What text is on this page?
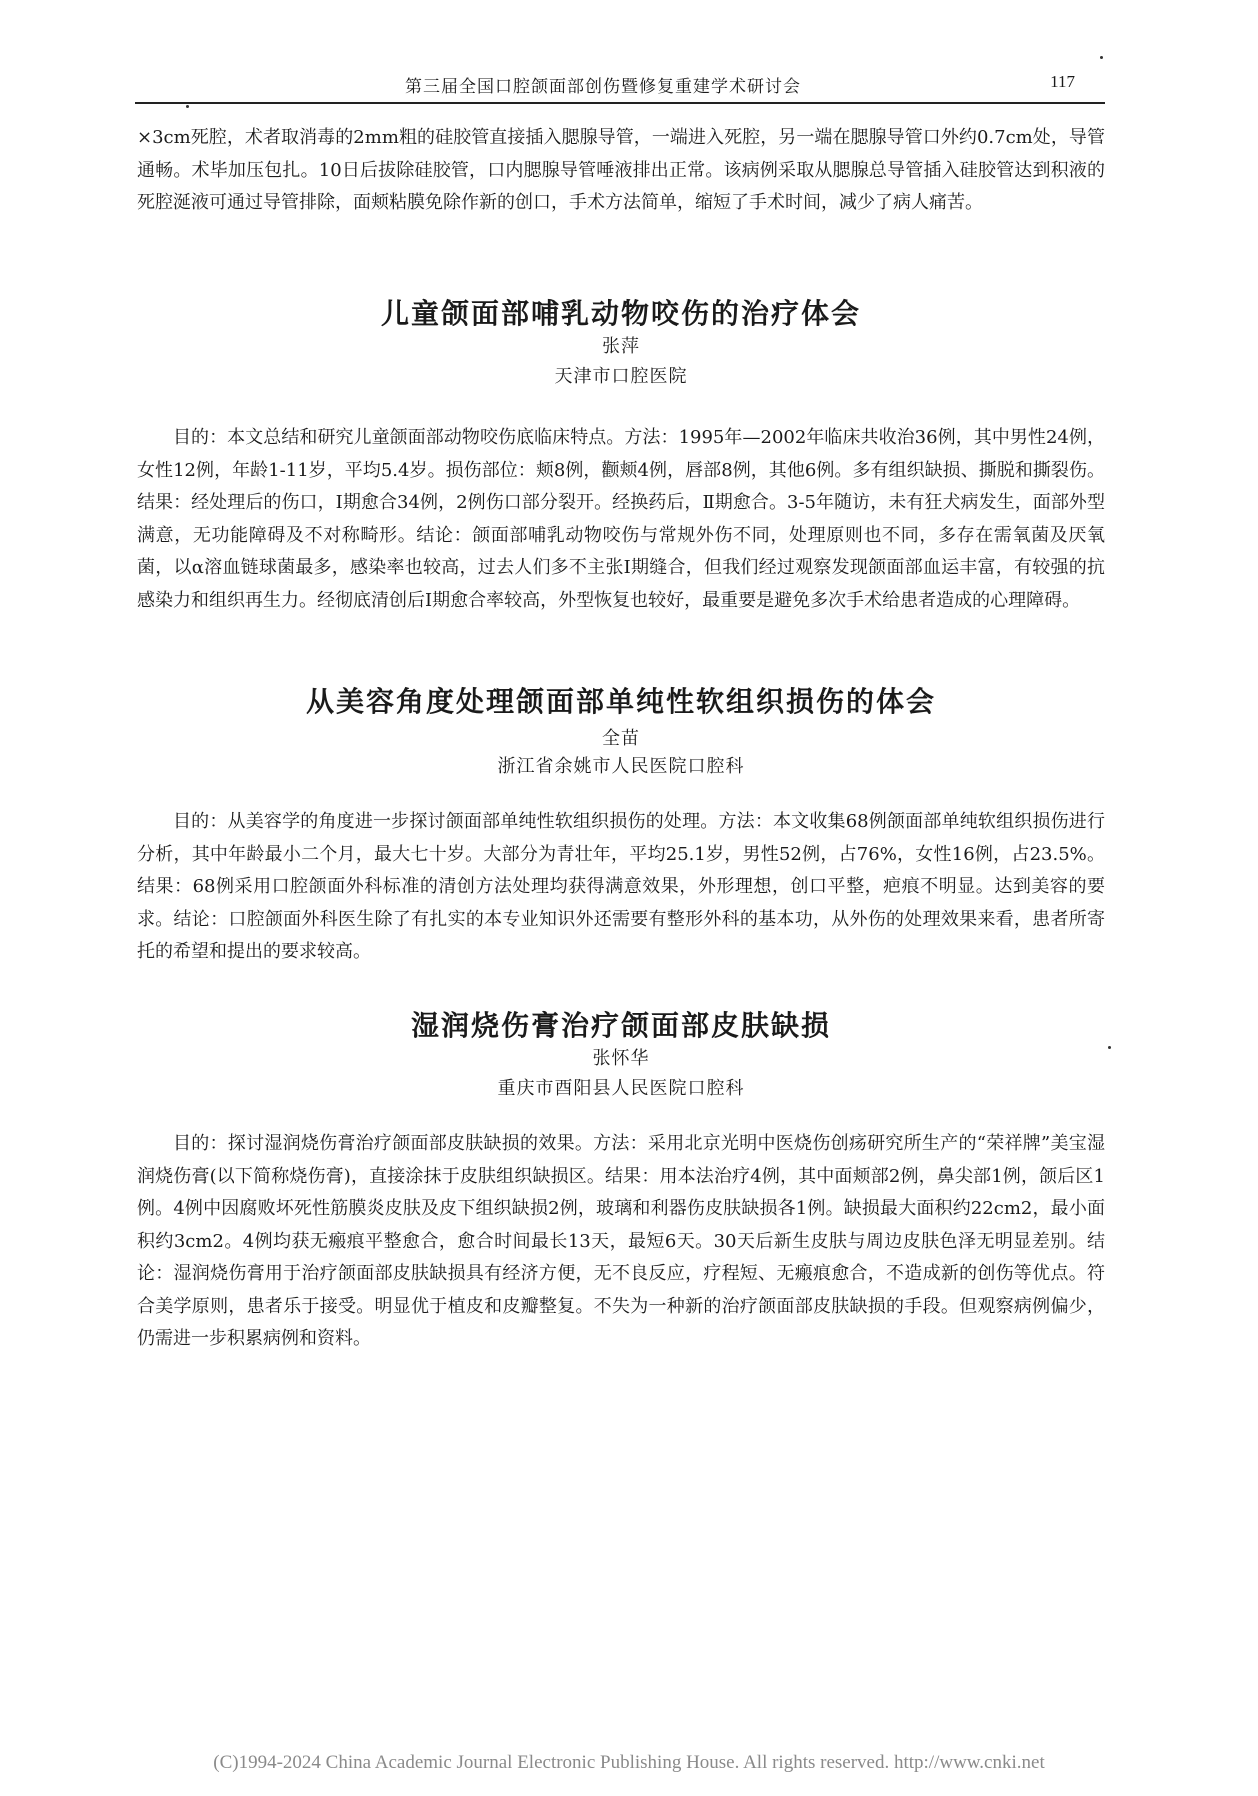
第三届全国口腔颌面部创伤暨修复重建学术研讨会	117

×3cm死腔，术者取消毒的2mm粗的硅胶管直接插入腮腺导管，一端进入死腔，另一端在腮腺导管口外约0.7cm处，导管通畅。术毕加压包扎。10日后拔除硅胶管，口内腮腺导管唾液排出正常。该病例采取从腮腺总导管插入硅胶管达到积液的死腔涎液可通过导管排除，面颊粘膜免除作新的创口，手术方法简单，缩短了手术时间，减少了病人痛苦。

儿童颌面部哺乳动物咬伤的治疗体会
张萍
天津市口腔医院

目的：本文总结和研究儿童颌面部动物咬伤底临床特点。方法：1995年—2002年临床共收治36例，其中男性24例，女性12例，年龄1-11岁，平均5.4岁。损伤部位：颊8例，颧颊4例，唇部8例，其他6例。多有组织缺损、撕脱和撕裂伤。结果：经处理后的伤口，Ⅰ期愈合34例，2例伤口部分裂开。经换药后，Ⅱ期愈合。3-5年随访，未有狂犬病发生，面部外型满意，无功能障碍及不对称畸形。结论：颌面部哺乳动物咬伤与常规外伤不同，处理原则也不同，多存在需氧菌及厌氧菌，以α溶血链球菌最多，感染率也较高，过去人们多不主张Ⅰ期缝合，但我们经过观察发现颌面部血运丰富，有较强的抗感染力和组织再生力。经彻底清创后Ⅰ期愈合率较高，外型恢复也较好，最重要是避免多次手术给患者造成的心理障碍。

从美容角度处理颌面部单纯性软组织损伤的体会
全苗
浙江省余姚市人民医院口腔科

目的：从美容学的角度进一步探讨颌面部单纯性软组织损伤的处理。方法：本文收集68例颌面部单纯软组织损伤进行分析，其中年龄最小二个月，最大七十岁。大部分为青壮年，平均25.1岁，男性52例，占76%，女性16例，占23.5%。结果：68例采用口腔颌面外科标准的清创方法处理均获得满意效果，外形理想，创口平整，疤痕不明显。达到美容的要求。结论：口腔颌面外科医生除了有扎实的本专业知识外还需要有整形外科的基本功，从外伤的处理效果来看，患者所寄托的希望和提出的要求较高。

湿润烧伤膏治疗颌面部皮肤缺损
张怀华
重庆市酉阳县人民医院口腔科

目的：探讨湿润烧伤膏治疗颌面部皮肤缺损的效果。方法：采用北京光明中医烧伤创疡研究所生产的“荣祥牌”美宝湿润烧伤膏(以下简称烧伤膏)，直接涂抹于皮肤组织缺损区。结果：用本法治疗4例，其中面颊部2例，鼻尖部1例，颌后区1例。4例中因腐败坏死性筋膜炎皮肤及皮下组织缺损2例，玻璃和利器伤皮肤缺损各1例。缺损最大面积约22cm2，最小面积约3cm2。4例均获无瘢痕平整愈合，愈合时间最长13天，最短6天。30天后新生皮肤与周边皮肤色泽无明显差别。结论：湿润烧伤膏用于治疗颌面部皮肤缺损具有经济方便，无不良反应，疗程短、无瘢痕愈合，不造成新的创伤等优点。符合美学原则，患者乐于接受。明显优于植皮和皮瓣整复。不失为一种新的治疗颌面部皮肤缺损的手段。但观察病例偏少，仍需进一步积累病例和资料。

(C)1994-2024 China Academic Journal Electronic Publishing House. All rights reserved. http://www.cnki.net
